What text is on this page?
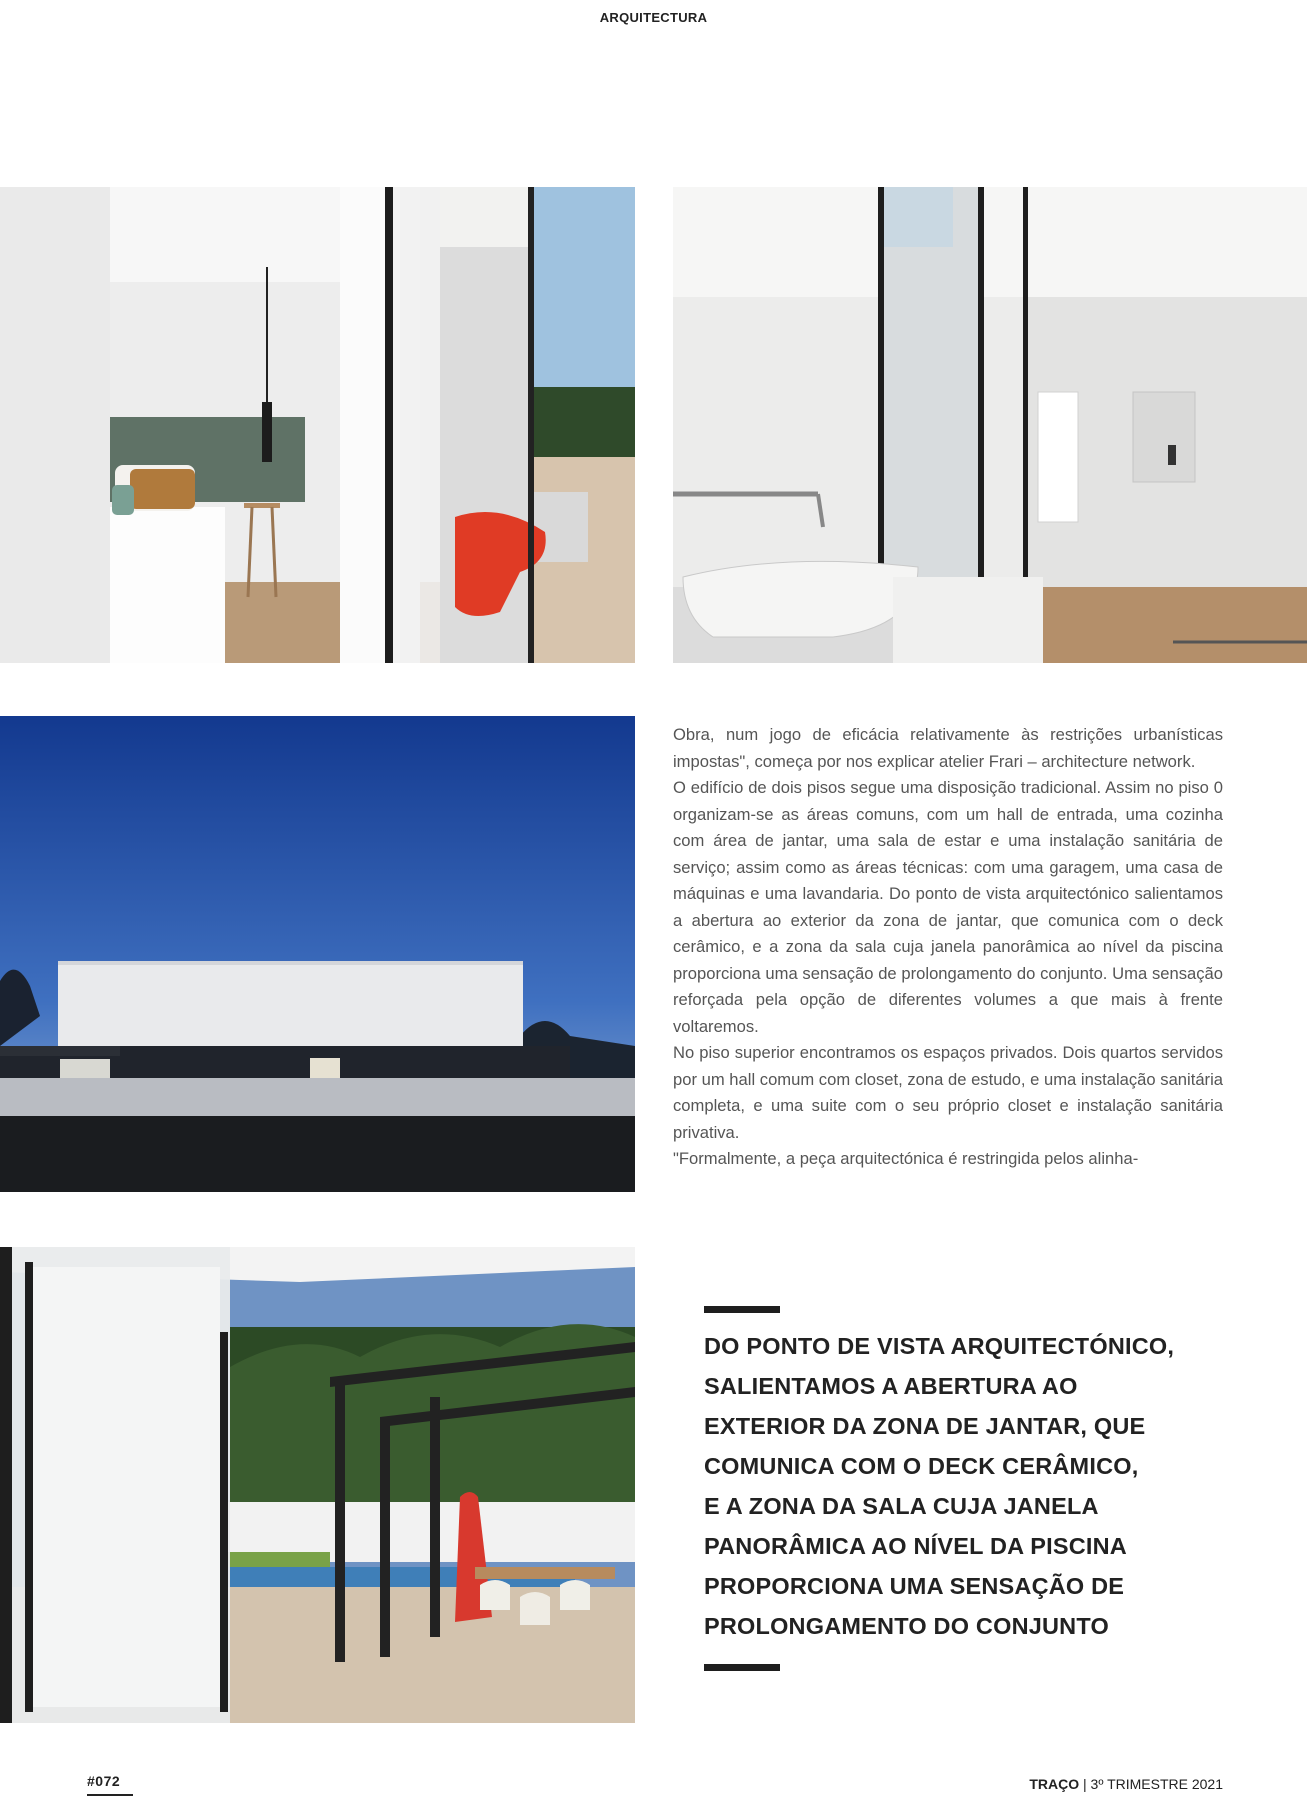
ARQUITECTURA

Obra, num jogo de eficácia relativamente às restrições urbanísticas impostas", começa por nos explicar atelier Frari – architecture network.

O edifício de dois pisos segue uma disposição tradicional. Assim no piso 0 organizam-se as áreas comuns, com um hall de entrada, uma cozinha com área de jantar, uma sala de estar e uma instalação sanitária de serviço; assim como as áreas técnicas: com uma garagem, uma casa de máquinas e uma lavandaria. Do ponto de vista arquitectónico salientamos a abertura ao exterior da zona de jantar, que comunica com o deck cerâmico, e a zona da sala cuja janela panorâmica ao nível da piscina proporciona uma sensação de prolongamento do conjunto. Uma sensação reforçada pela opção de diferentes volumes a que mais à frente voltaremos.

No piso superior encontramos os espaços privados. Dois quartos servidos por um hall comum com closet, zona de estudo, e uma instalação sanitária completa, e uma suite com o seu próprio closet e instalação sanitária privativa.

"Formalmente, a peça arquitectónica é restringida pelos alinha-

DO PONTO DE VISTA ARQUITECTÓNICO,
SALIENTAMOS A ABERTURA AO
EXTERIOR DA ZONA DE JANTAR, QUE
COMUNICA COM O DECK CERÂMICO,
E A ZONA DA SALA CUJA JANELA
PANORÂMICA AO NÍVEL DA PISCINA
PROPORCIONA UMA SENSAÇÃO DE
PROLONGAMENTO DO CONJUNTO
#072	TRAÇO | 3º TRIMESTRE 2021
